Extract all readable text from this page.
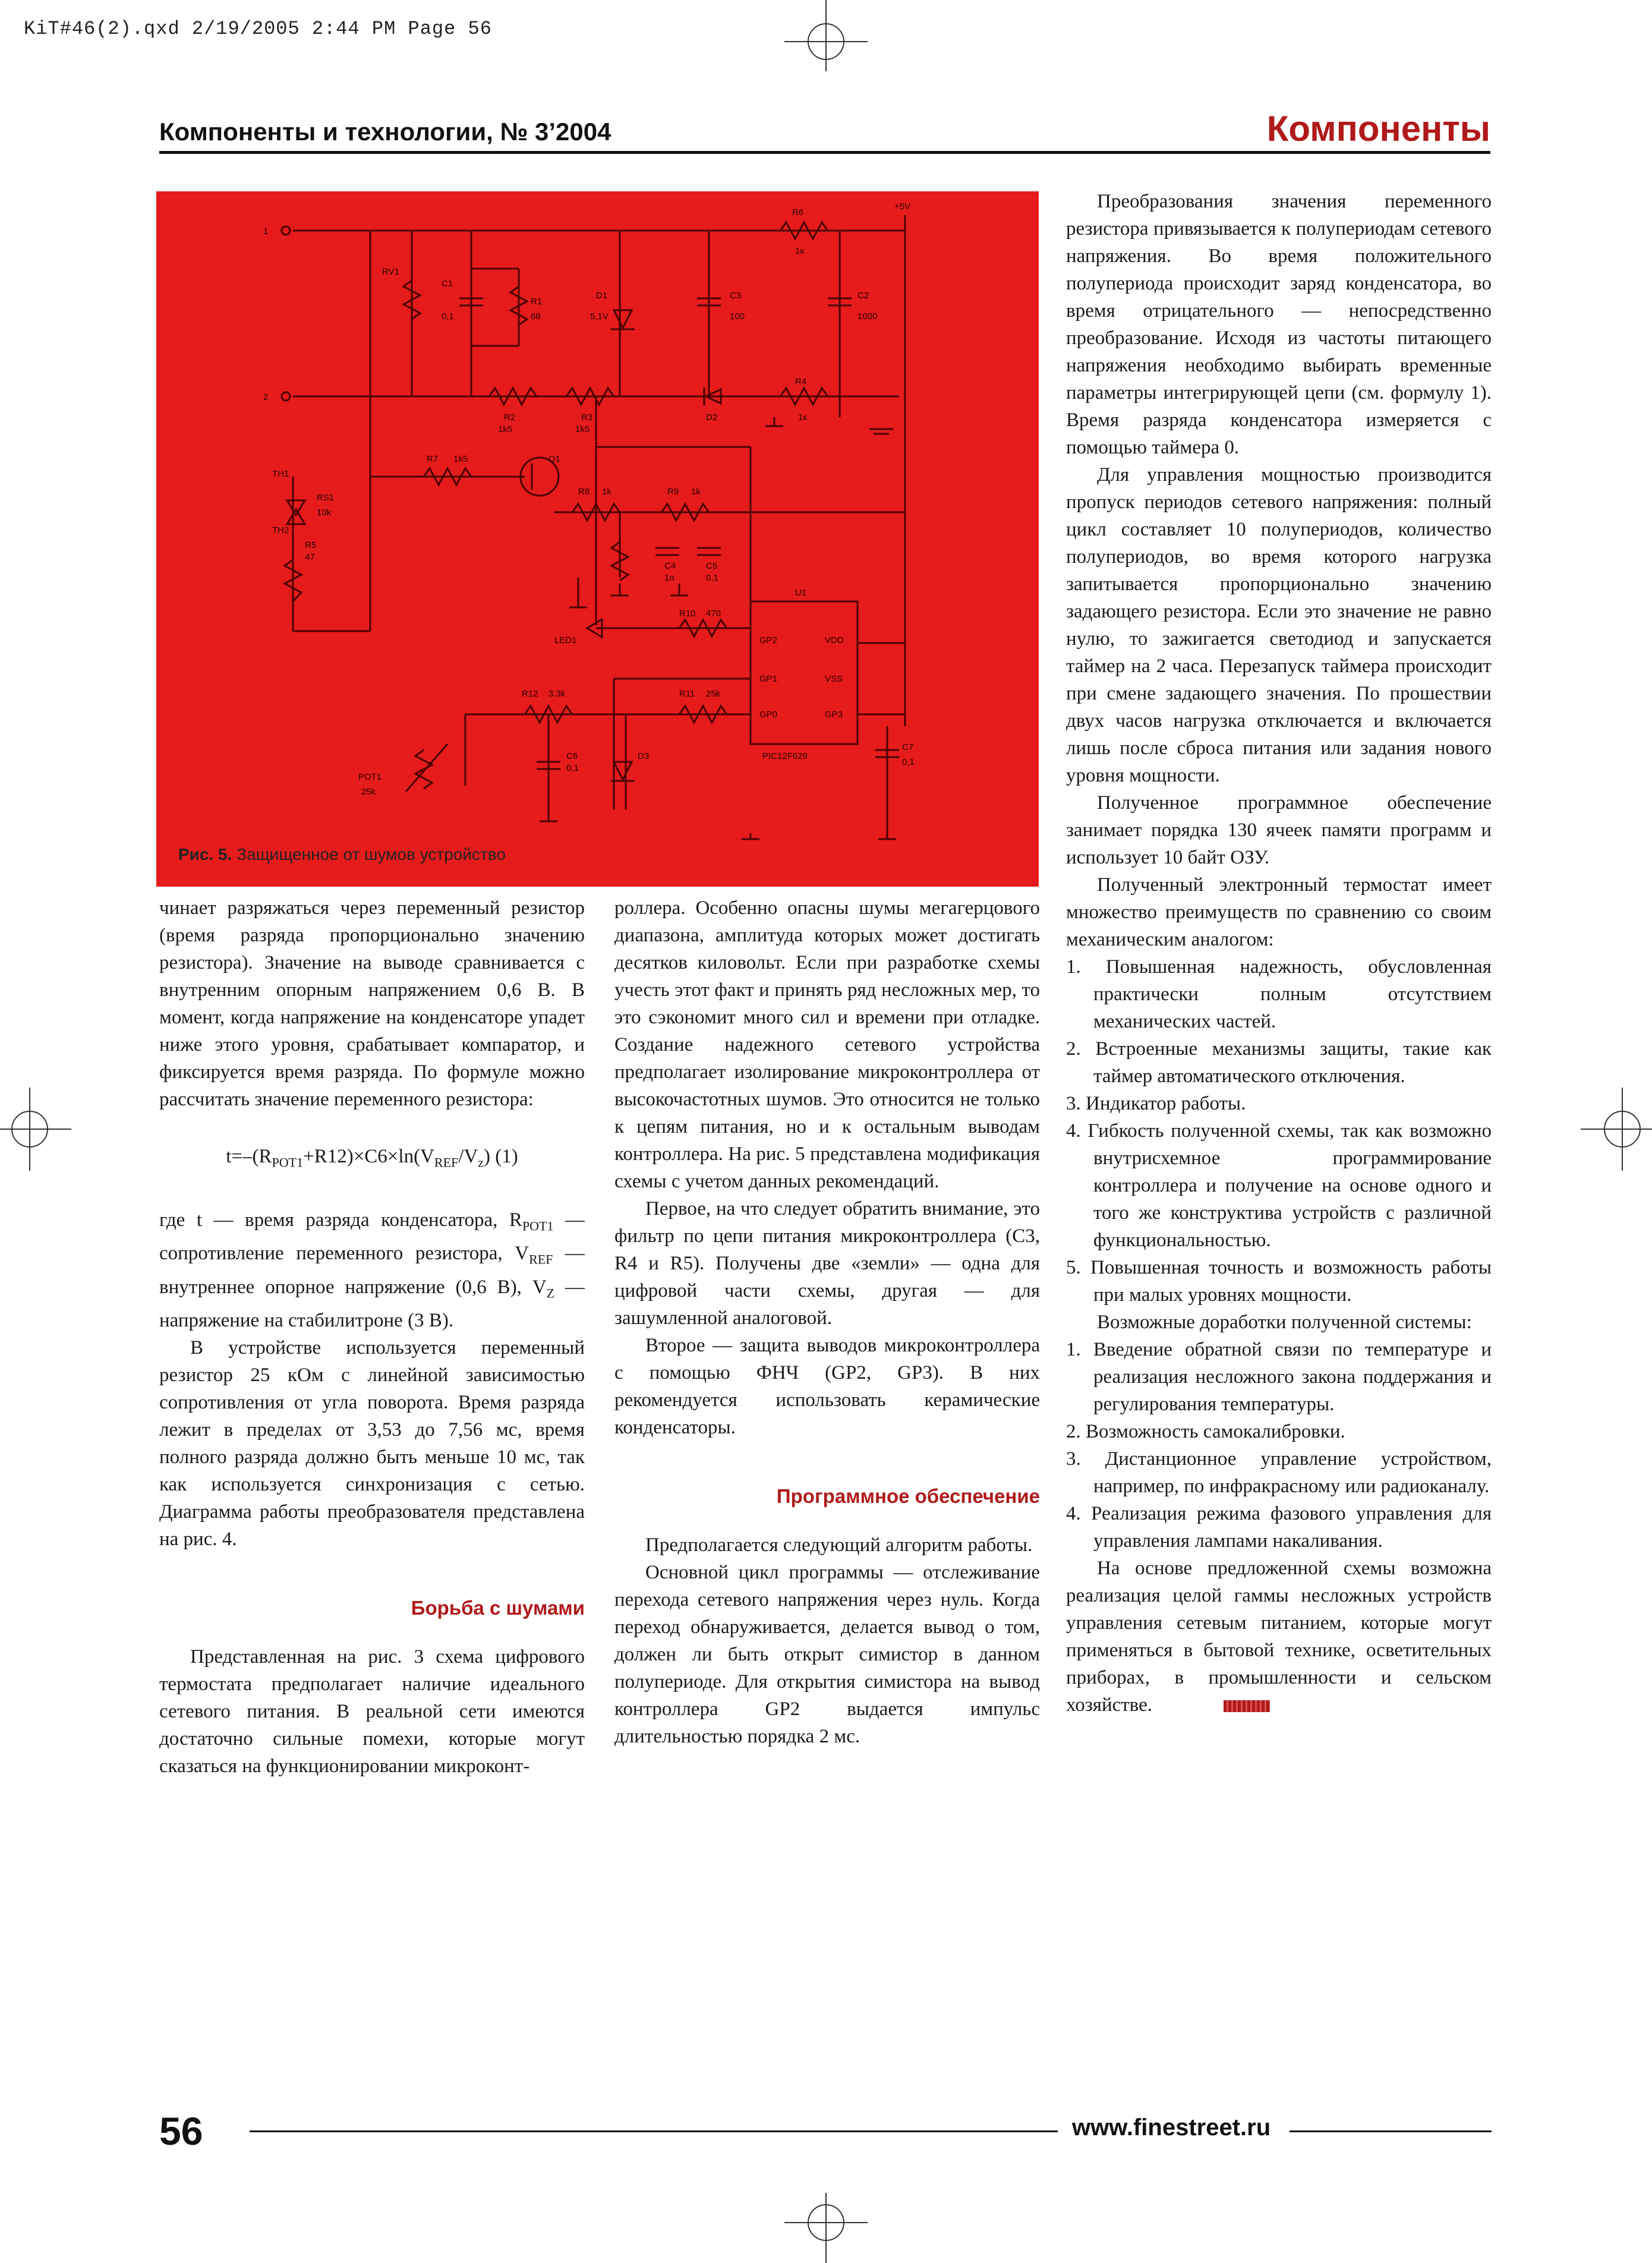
KiT#46(2).qxd 2/19/2005 2:44 PM Page 56
Компоненты и технологии, № 3’2004	Компоненты
1
2
+5V
R6
1к
RV1
C1
0,1
R1
68
D1
5,1V
C3
100
C2
1000
R2
1k5
R3
1k5
D2
R4
1к
TH1
TH2
R5
47
R7 1k5
R8 1k
Q1
R9 1k
RS1
10k
C4
1n
C5
0,1
U1
LED1
R10 470
R12 3.3k	R11 25k
C6
0,1
D3
POT1
25k
C7
0,1
GP2
GP1
GP0
VDD
VSS
GP3
PIC12F629
Рис. 5. Защищенное от шумов устройство

чинает разряжаться через переменный резистор (время разряда пропорционально значению резистора). Значение на выводе сравнивается с внутренним опорным напряжением 0,6 В. В момент, когда напряжение на конденсаторе упадет ниже этого уровня, срабатывает компаратор, и фиксируется время разряда. По формуле можно рассчитать значение переменного резистора:

$t=-(R_{POT1}+R12)\times C6\times\ln(V_{REF}/V_z)$ (1)

где t — время разряда конденсатора, $R_{POT1}$ — сопротивление переменного резистора, $V_{REF}$ — внутреннее опорное напряжение (0,6 В), $V_Z$ — напряжение на стабилитроне (3 В).

В устройстве используется переменный резистор 25 кОм с линейной зависимостью сопротивления от угла поворота. Время разряда лежит в пределах от 3,53 до 7,56 мс, время полного разряда должно быть меньше 10 мс, так как используется синхронизация с сетью. Диаграмма работы преобразователя представлена на рис. 4.

Борьба с шумами

Представленная на рис. 3 схема цифрового термостата предполагает наличие идеального сетевого питания. В реальной сети имеются достаточно сильные помехи, которые могут сказаться на функционировании микроконт-

роллера. Особенно опасны шумы мегагерцового диапазона, амплитуда которых может достигать десятков киловольт. Если при разработке схемы учесть этот факт и принять ряд несложных мер, то это сэкономит много сил и времени при отладке. Создание надежного сетевого устройства предполагает изолирование микроконтроллера от высокочастотных шумов. Это относится не только к цепям питания, но и к остальным выводам контроллера. На рис. 5 представлена модификация схемы с учетом данных рекомендаций.

Первое, на что следует обратить внимание, это фильтр по цепи питания микроконтроллера (C3, R4 и R5). Получены две «земли» — одна для цифровой части схемы, другая — для зашумленной аналоговой.

Второе — защита выводов микроконтроллера с помощью ФНЧ (GP2, GP3). В них рекомендуется использовать керамические конденсаторы.

Программное обеспечение

Предполагается следующий алгоритм работы.

Основной цикл программы — отслеживание перехода сетевого напряжения через нуль. Когда переход обнаруживается, делается вывод о том, должен ли быть открыт симистор в данном полупериоде. Для открытия симистора на вывод контроллера GP2 выдается импульс длительностью порядка 2 мс.

Преобразования значения переменного резистора привязывается к полупериодам сетевого напряжения. Во время положительного полупериода происходит заряд конденсатора, во время отрицательного — непосредственно преобразование. Исходя из частоты питающего напряжения необходимо выбирать временные параметры интегрирующей цепи (см. формулу 1). Время разряда конденсатора измеряется с помощью таймера 0.

Для управления мощностью производится пропуск периодов сетевого напряжения: полный цикл составляет 10 полупериодов, количество полупериодов, во время которого нагрузка запитывается пропорционально значению задающего резистора. Если это значение не равно нулю, то зажигается светодиод и запускается таймер на 2 часа. Перезапуск таймера происходит при смене задающего значения. По прошествии двух часов нагрузка отключается и включается лишь после сброса питания или задания нового уровня мощности.

Полученное программное обеспечение занимает порядка 130 ячеек памяти программ и использует 10 байт ОЗУ.

Полученный электронный термостат имеет множество преимуществ по сравнению со своим механическим аналогом:

1. Повышенная надежность, обусловленная практически полным отсутствием механических частей.
2. Встроенные механизмы защиты, такие как таймер автоматического отключения.
3. Индикатор работы.
4. Гибкость полученной схемы, так как возможно внутрисхемное программирование контроллера и получение на основе одного и того же конструктива устройств с различной функциональностью.
5. Повышенная точность и возможность работы при малых уровнях мощности.

Возможные доработки полученной системы:

1. Введение обратной связи по температуре и реализация несложного закона поддержания и регулирования температуры.
2. Возможность самокалибровки.
3. Дистанционное управление устройством, например, по инфракрасному или радиоканалу.
4. Реализация режима фазового управления для управления лампами накаливания.

На основе предложенной схемы возможна реализация целой гаммы несложных устройств управления сетевым питанием, которые могут применяться в бытовой технике, осветительных приборах, в промышленности и сельском хозяйстве.

56	www.finestreet.ru
